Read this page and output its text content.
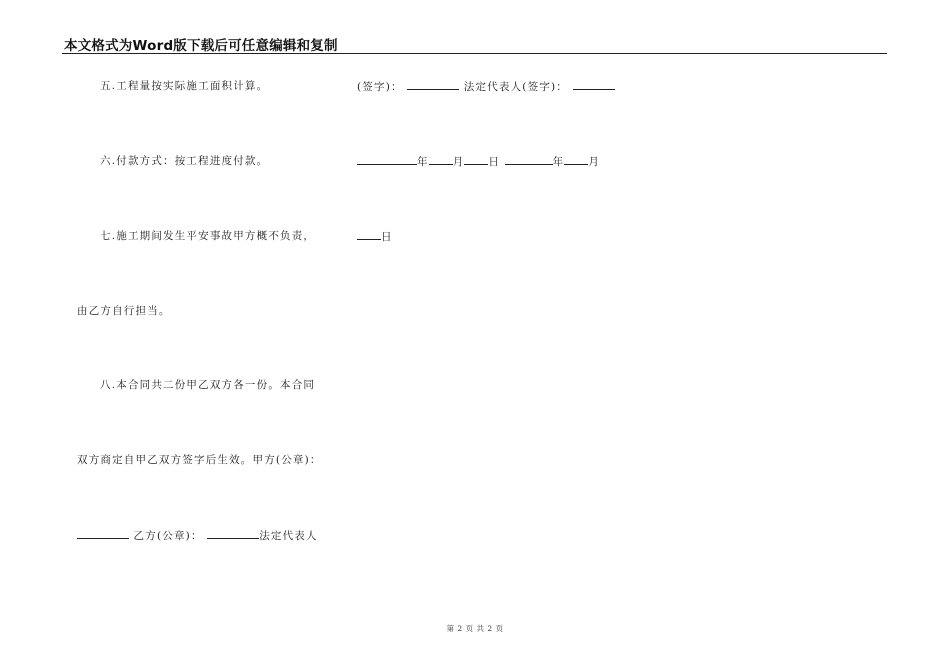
本文格式为Word版下载后可任意编辑和复制
五.工程量按实际施工面积计算。
六.付款方式：按工程进度付款。
七.施工期间发生平安事故甲方概不负责，
由乙方自行担当。
八.本合同共二份甲乙双方各一份。本合同
双方商定自甲乙双方签字后生效。甲方(公章)：
乙方(公章)：	法定代表人
(签字)：	法定代表人(签字)：
年 月 日	年 月
日
第 2 页 共 2 页
